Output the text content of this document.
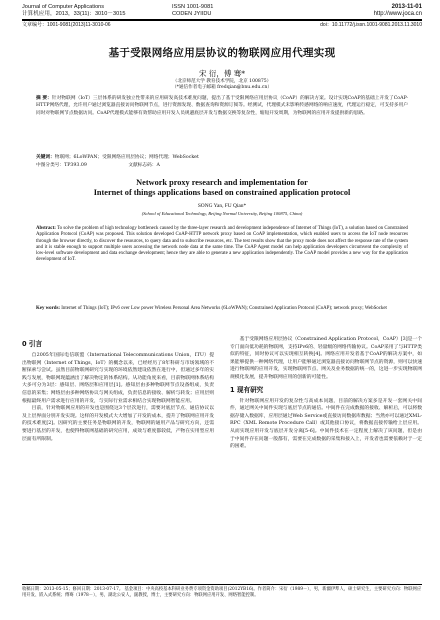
Journal of Computer Applications
计算机应用，2013，33(11)：3010－3015
ISSN 1001-9081
CODEN JYIIDU
2013-11-01
http://www.joca.cn
文章编号：1001-9081(2013)11-3010-06	doi：10.11772/j.issn.1001-9081.2013.11.3010
基于受限网络应用层协议的物联网应用代理实现
宋 衍，傅 骞*
（北京师范大学 教育技术学院，北京 100875）
（*通信作者电子邮箱 fredqian@bnu.edu.cn）
摘 要：针对物联网（IoT）三层体系的研发独立性带来的应用研发高技术难度问题，提出了基于受限网络应用层协议（CoAP）的解决方案。设计实现CoAP的基础上开发了CoAP-HTTP网络代理，允许用户通过浏览器直接访问物联网节点，进行资源发现、数据查询和资源订阅等。经测试，代理模式未影响传感网络的响应速度，代理运行稳定，可支持多用户同时对物联网节点数据访问。CoAP代理模式能够有效帮助应用开发人员规避底层开发与数据交换等复杂性，缩短开发周期，为物联网的应用开发提供新的思路。
关键词：物联网；6LoWPAN；受限网络应用层协议；网络代理；WebSocket
中图分类号：TP393.09	文献标志码：A
Network proxy research and implementation for
Internet of things applications based on constrained application protocol
SONG Yan, FU Qian*
(School of Educational Technology, Beijing Normal University, Beijing 100875, China)
Abstract: To solve the problem of high technology bottleneck caused by the three-layer research and development independence of Internet of Things (IoT), a solution based on Constrained Application Protocol (CoAP) was proposed. This solution developed CoAP-HTTP network proxy based on CoAP implementation, which enabled users to access the IoT node resources through the browser directly, to discover the resources, to query data and to subscribe resources, etc. The test results show that the proxy mode does not affect the response rate of the system and it is stable enough to support multiple users accessing the network node data at the same time. The CoAP Agent model can help application developers circumvent the complexity of low-level software development and data exchange development; hence they are able to generate a new application independently. The CoAP model provides a new way for the application development of IoT.
Key words: Internet of Things (IoT); IPv6 over Low power Wireless Personal Area Networks (6LoWPAN); Constrained Application Protocol (CoAP); network proxy; WebSocket
0 引言

自2005年国际电信联盟（International Telecommunications Union，ITU）提出物联网（Internet of Things，IoT）的概念以来，已经经历了8年科研与市场领域的不断探索与尝试。虽然目前物联网研究与实现的环境依然建设依然在进行中，但通过多年的实践与发展，物联网现蕴涵出了解决物定的体系结构。从功能角度来看，目前物联网体系结构大多可分为3层：感知层、网络层和应用层[1]。感知层由多种物联网节点设备组成，负责信息的采集；网络层由多种网络协议与网关组成，负责信息的接收、解析与转发；应用层则根据最终用户需求进行应用的开发，与实际行业需求相结合实现物联网智能应用。

目前，针对物联网应用的开发也是围绕这3个层次进行，需要对底层节点、通信协议以及上层界面分别开发实现。这样的开发模式大大增加了开发的成本，提升了物联网应用开发的技术难度[2]。因研究的主要任务是物联网的开发，物联网的通用产品与研究方向，还需要进行基层的开发，也使得物联网基础的研究应用，成效与难度都较低，产物在实用型应用层面有所限制。

基于受限网络应用层协议（Constrained Application Protocol，CoAP）[3]是一个专门面向低功耗的物联网，支持IPv6的、轻量级的网络传输协议。CoAP采用了与HTTP类似的特征，同时协议可以实现相互转换[4]。网络应用开发者基于CoAP的解决方案中，如果能够提供一种网络代理，让用户能够通过浏览器直接访问物联网节点的资源，则可以快速进行物联网的应用开发，实现物联网节点、网关及业务数据的统一的，这进一步实现物联网规模化发展，提升物联网应用的创新的可能性。

1 现有研究

针对物联网应用开发的复杂性与高成本问题，目前的解决方案多是开发一套网关中间件，通过网关中间件实现与底层节点的通信。中间件在完成数据的接收、解析后，可以将数据存储入数据库，应用层通过Web Service或直接访问数据库数据；当然亦可以通过XML-RPC（XML Remote Procedure Call）或其他接口协议，将数据直接传输给上层应用。从而实现应用开发与底层开发分离[5-6]。中间件技术在一定程度上解决了该问题，但是由于中间件存在问题一般都有，需要在完成数据的采集和接入上，开发者也需要依赖对于一定的困难。

收稿日期：2013-05-15；修回日期：2013-07-17。 基金项目：中央高校基本科研业务费专项资金资助项目(2012YB16)。作者简介：宋衍（1989－），男，新疆伊犁人，硕士研究生，主要研究方向：物联网应用开发、嵌入式系统；傅骞（1978－），男，湖北公安人，副教授，博士，主要研究方向：物联网应用开发、网络智能控制。
